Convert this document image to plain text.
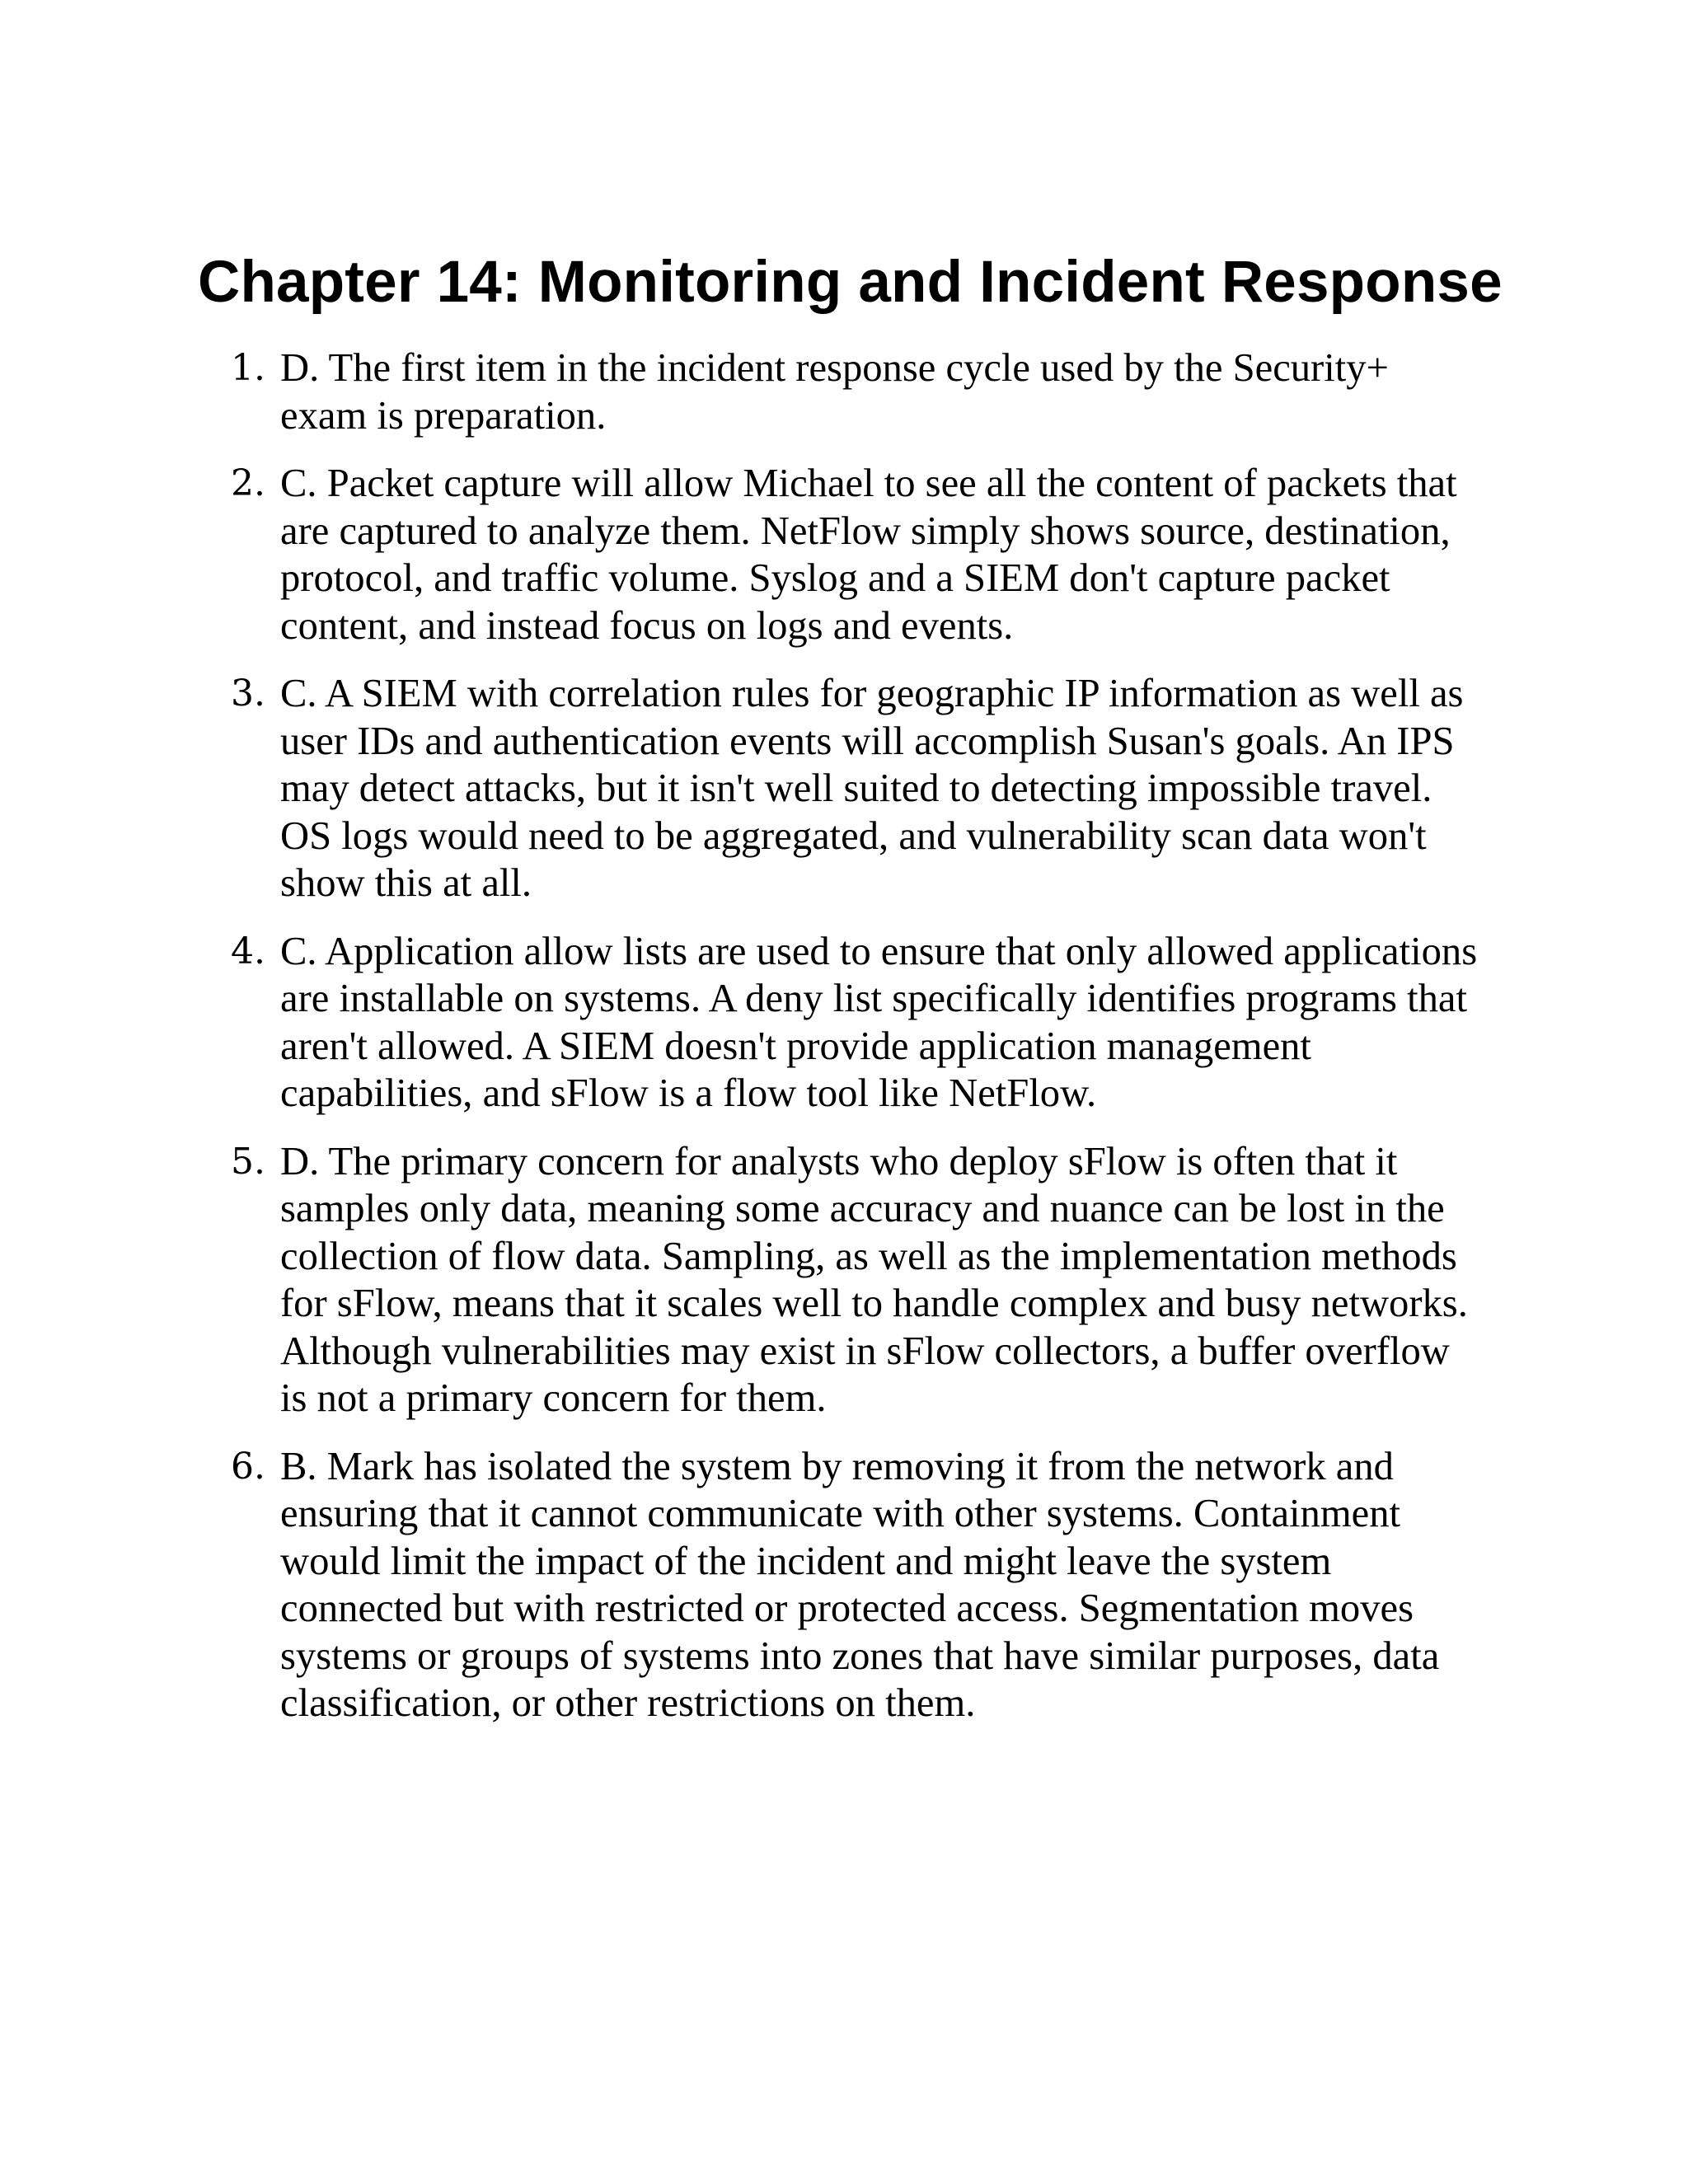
Chapter 14: Monitoring and Incident Response
1. D. The first item in the incident response cycle used by the Security+ exam is preparation.
2. C. Packet capture will allow Michael to see all the content of packets that are captured to analyze them. NetFlow simply shows source, destination, protocol, and traffic volume. Syslog and a SIEM don't capture packet content, and instead focus on logs and events.
3. C. A SIEM with correlation rules for geographic IP information as well as user IDs and authentication events will accomplish Susan's goals. An IPS may detect attacks, but it isn't well suited to detecting impossible travel. OS logs would need to be aggregated, and vulnerability scan data won't show this at all.
4. C. Application allow lists are used to ensure that only allowed applications are installable on systems. A deny list specifically identifies programs that aren't allowed. A SIEM doesn't provide application management capabilities, and sFlow is a flow tool like NetFlow.
5. D. The primary concern for analysts who deploy sFlow is often that it samples only data, meaning some accuracy and nuance can be lost in the collection of flow data. Sampling, as well as the implementation methods for sFlow, means that it scales well to handle complex and busy networks. Although vulnerabilities may exist in sFlow collectors, a buffer overflow is not a primary concern for them.
6. B. Mark has isolated the system by removing it from the network and ensuring that it cannot communicate with other systems. Containment would limit the impact of the incident and might leave the system connected but with restricted or protected access. Segmentation moves systems or groups of systems into zones that have similar purposes, data classification, or other restrictions on them.
